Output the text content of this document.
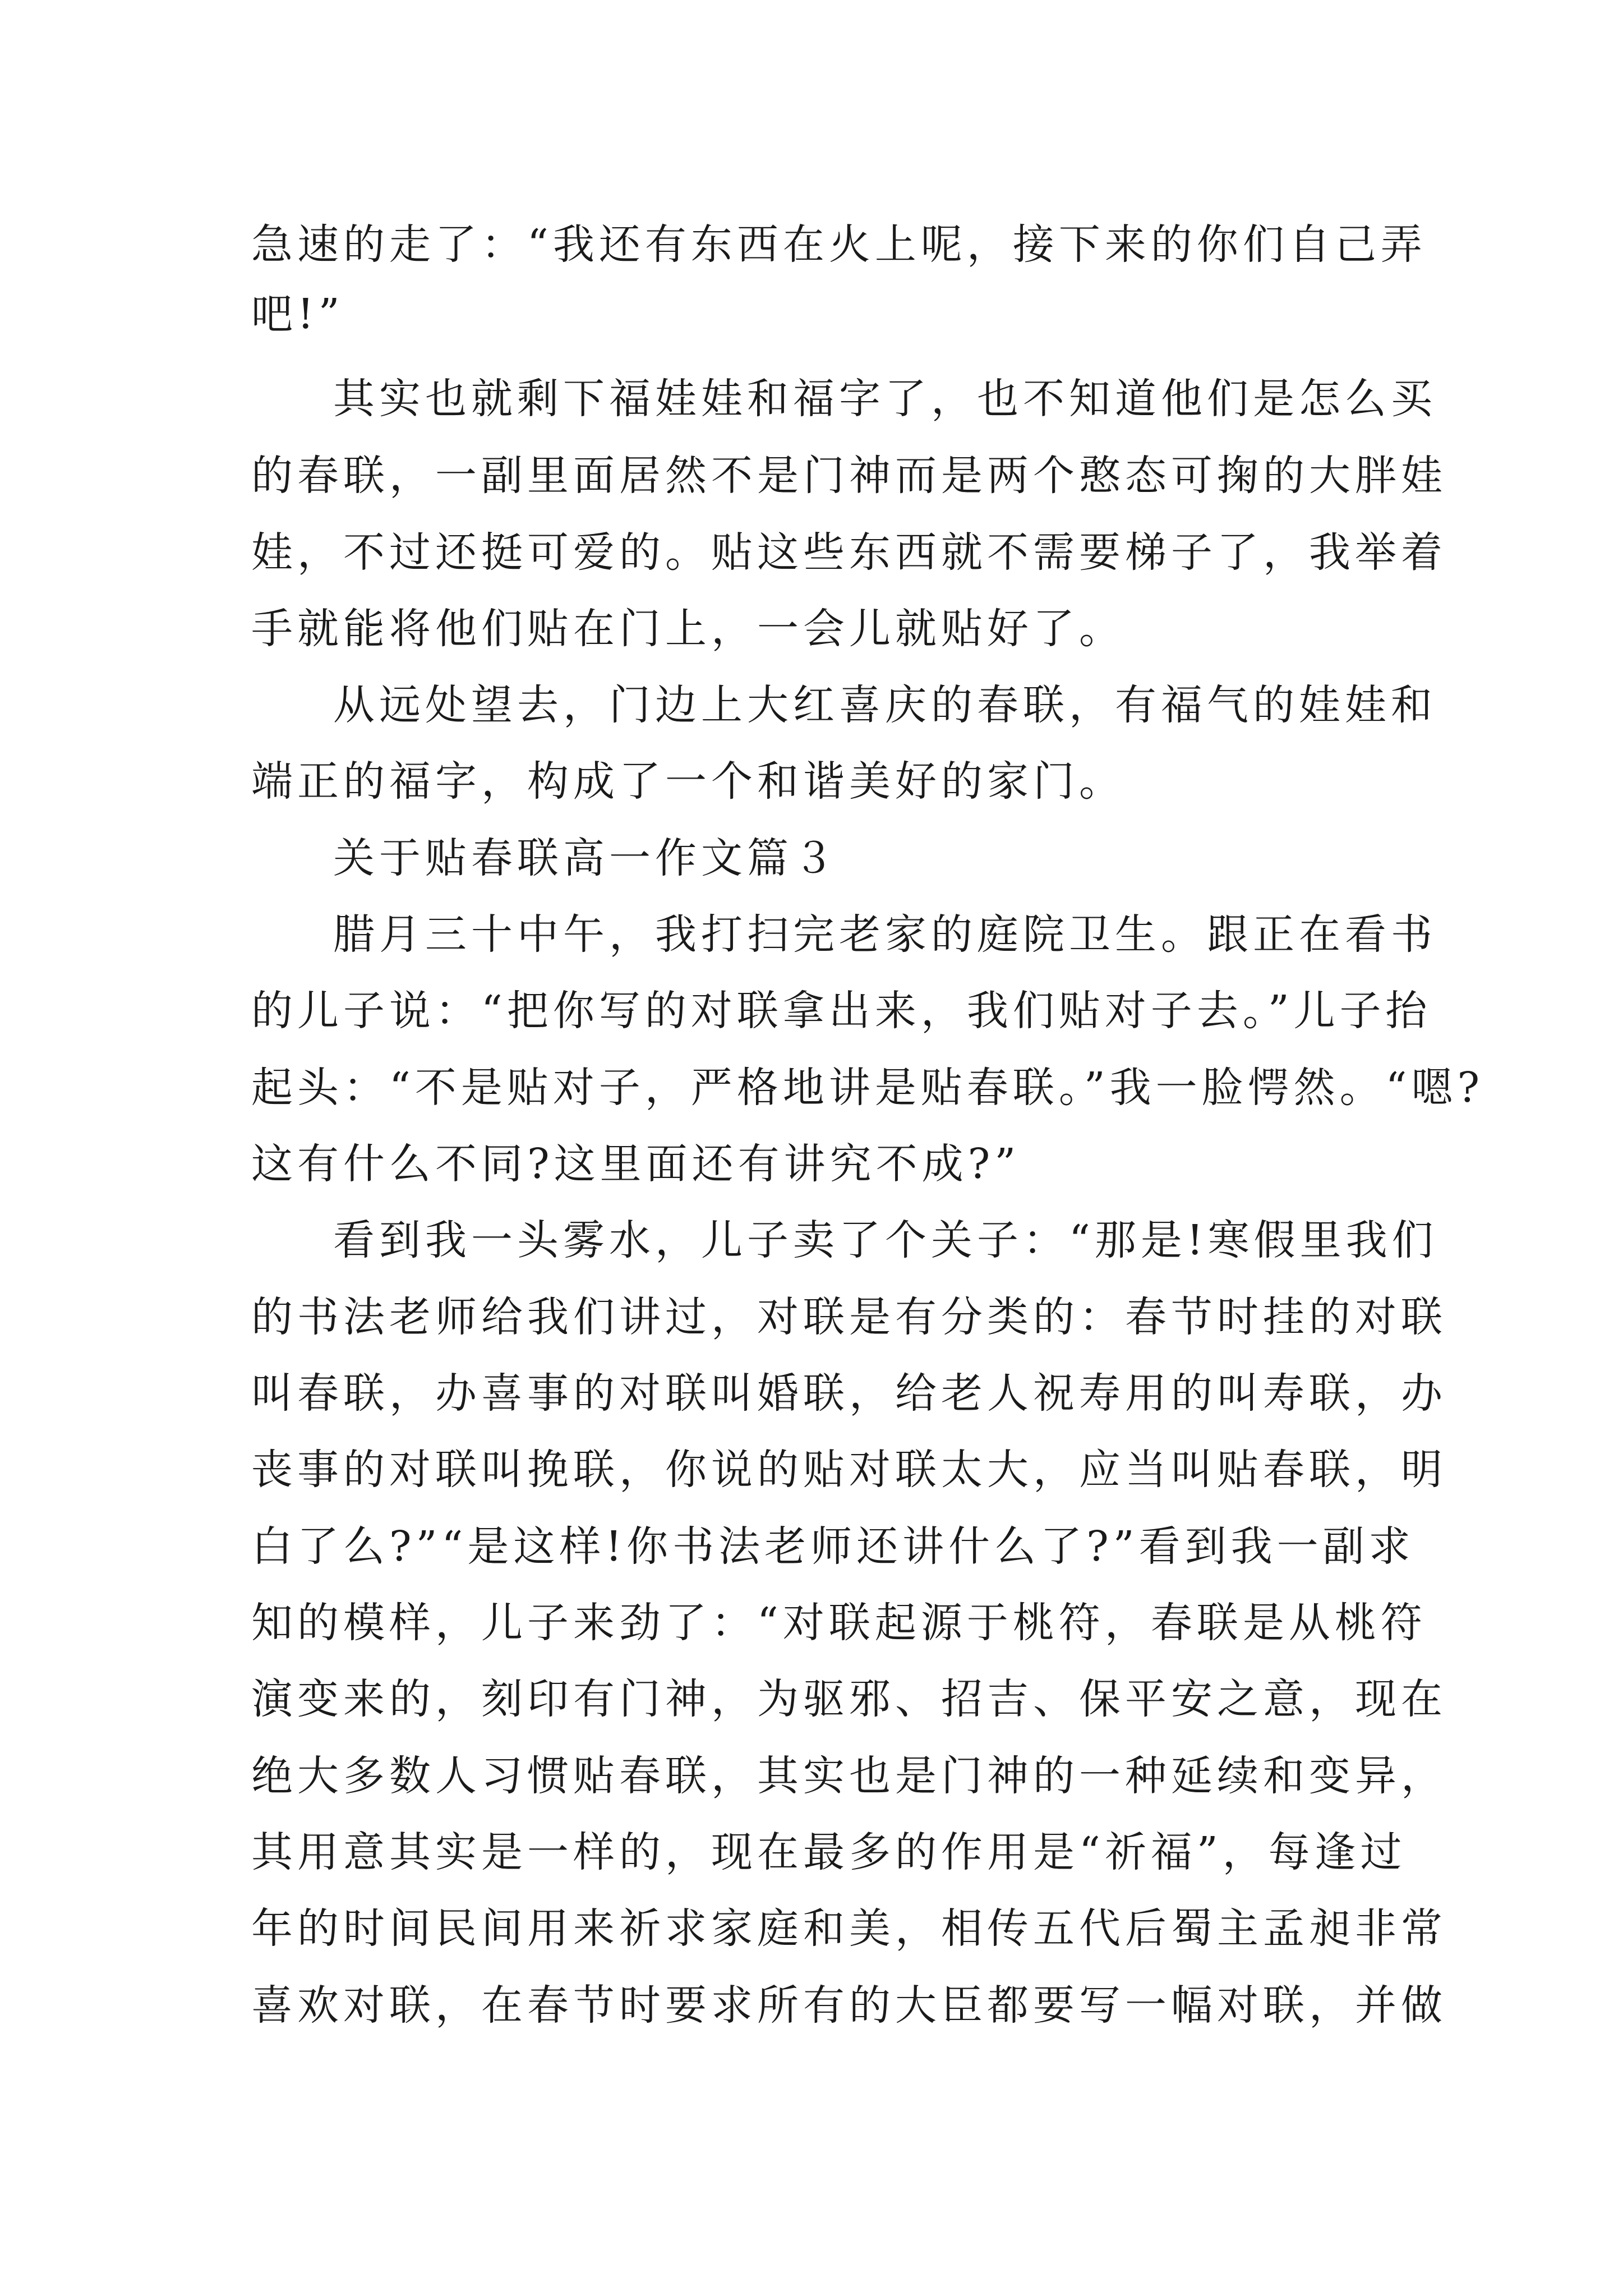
急速的走了：“我还有东西在火上呢，接下来的你们自己弄
吧!”
其实也就剩下福娃娃和福字了，也不知道他们是怎么买
的春联，一副里面居然不是门神而是两个憨态可掬的大胖娃
娃，不过还挺可爱的。贴这些东西就不需要梯子了，我举着
手就能将他们贴在门上，一会儿就贴好了。
从远处望去，门边上大红喜庆的春联，有福气的娃娃和
端正的福字，构成了一个和谐美好的家门。
关于贴春联高一作文篇３
腊月三十中午，我打扫完老家的庭院卫生。跟正在看书
的儿子说：“把你写的对联拿出来，我们贴对子去。”儿子抬
起头：“不是贴对子，严格地讲是贴春联。”我一脸愕然。“嗯?
这有什么不同?这里面还有讲究不成?”
看到我一头雾水，儿子卖了个关子：“那是!寒假里我们
的书法老师给我们讲过，对联是有分类的：春节时挂的对联
叫春联，办喜事的对联叫婚联，给老人祝寿用的叫寿联，办
丧事的对联叫挽联，你说的贴对联太大，应当叫贴春联，明
白了么?”“是这样!你书法老师还讲什么了?”看到我一副求
知的模样，儿子来劲了：“对联起源于桃符，春联是从桃符
演变来的，刻印有门神，为驱邪、招吉、保平安之意，现在
绝大多数人习惯贴春联，其实也是门神的一种延续和变异，
其用意其实是一样的，现在最多的作用是“祈福”，每逢过
年的时间民间用来祈求家庭和美，相传五代后蜀主孟昶非常
喜欢对联，在春节时要求所有的大臣都要写一幅对联，并做
